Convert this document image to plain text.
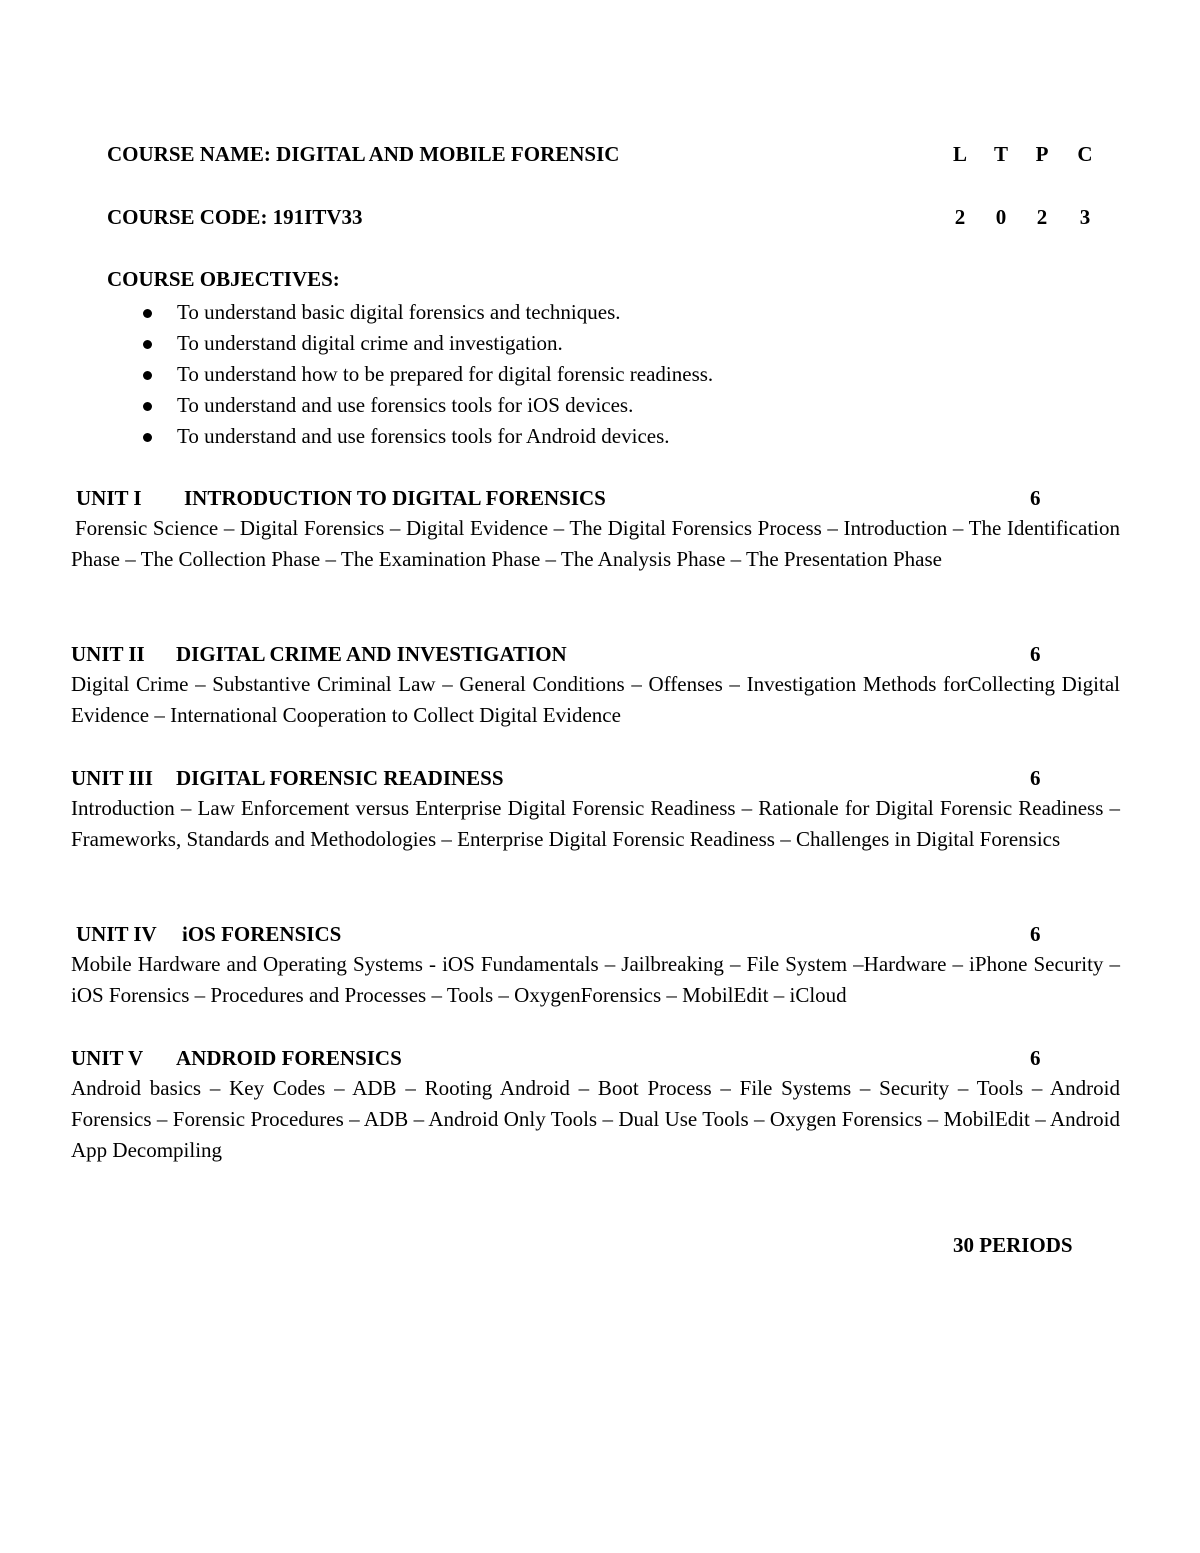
COURSE NAME: DIGITAL AND MOBILE FORENSIC	L T P C
COURSE CODE: 191ITV33	2	0	2	3
COURSE OBJECTIVES:
To understand basic digital forensics and techniques.
To understand digital crime and investigation.
To understand how to be prepared for digital forensic readiness.
To understand and use forensics tools for iOS devices.
To understand and use forensics tools for Android devices.
UNIT I INTRODUCTION TO DIGITAL FORENSICS	6

Forensic Science – Digital Forensics – Digital Evidence – The Digital Forensics Process – Introduction – The Identification Phase – The Collection Phase – The Examination Phase – The Analysis Phase – The Presentation Phase

UNIT II DIGITAL CRIME AND INVESTIGATION	6

Digital Crime – Substantive Criminal Law – General Conditions – Offenses – Investigation Methods forCollecting Digital Evidence – International Cooperation to Collect Digital Evidence

UNIT III DIGITAL FORENSIC READINESS	6

Introduction – Law Enforcement versus Enterprise Digital Forensic Readiness – Rationale for Digital Forensic Readiness – Frameworks, Standards and Methodologies – Enterprise Digital Forensic Readiness – Challenges in Digital Forensics

UNIT IV iOS FORENSICS	6

Mobile Hardware and Operating Systems - iOS Fundamentals – Jailbreaking – File System –Hardware – iPhone Security – iOS Forensics – Procedures and Processes – Tools – OxygenForensics – MobilEdit – iCloud

UNIT V ANDROID FORENSICS	6

Android basics – Key Codes – ADB – Rooting Android – Boot Process – File Systems – Security – Tools – Android Forensics – Forensic Procedures – ADB – Android Only Tools – Dual Use Tools – Oxygen Forensics – MobilEdit – Android App Decompiling

30 PERIODS
